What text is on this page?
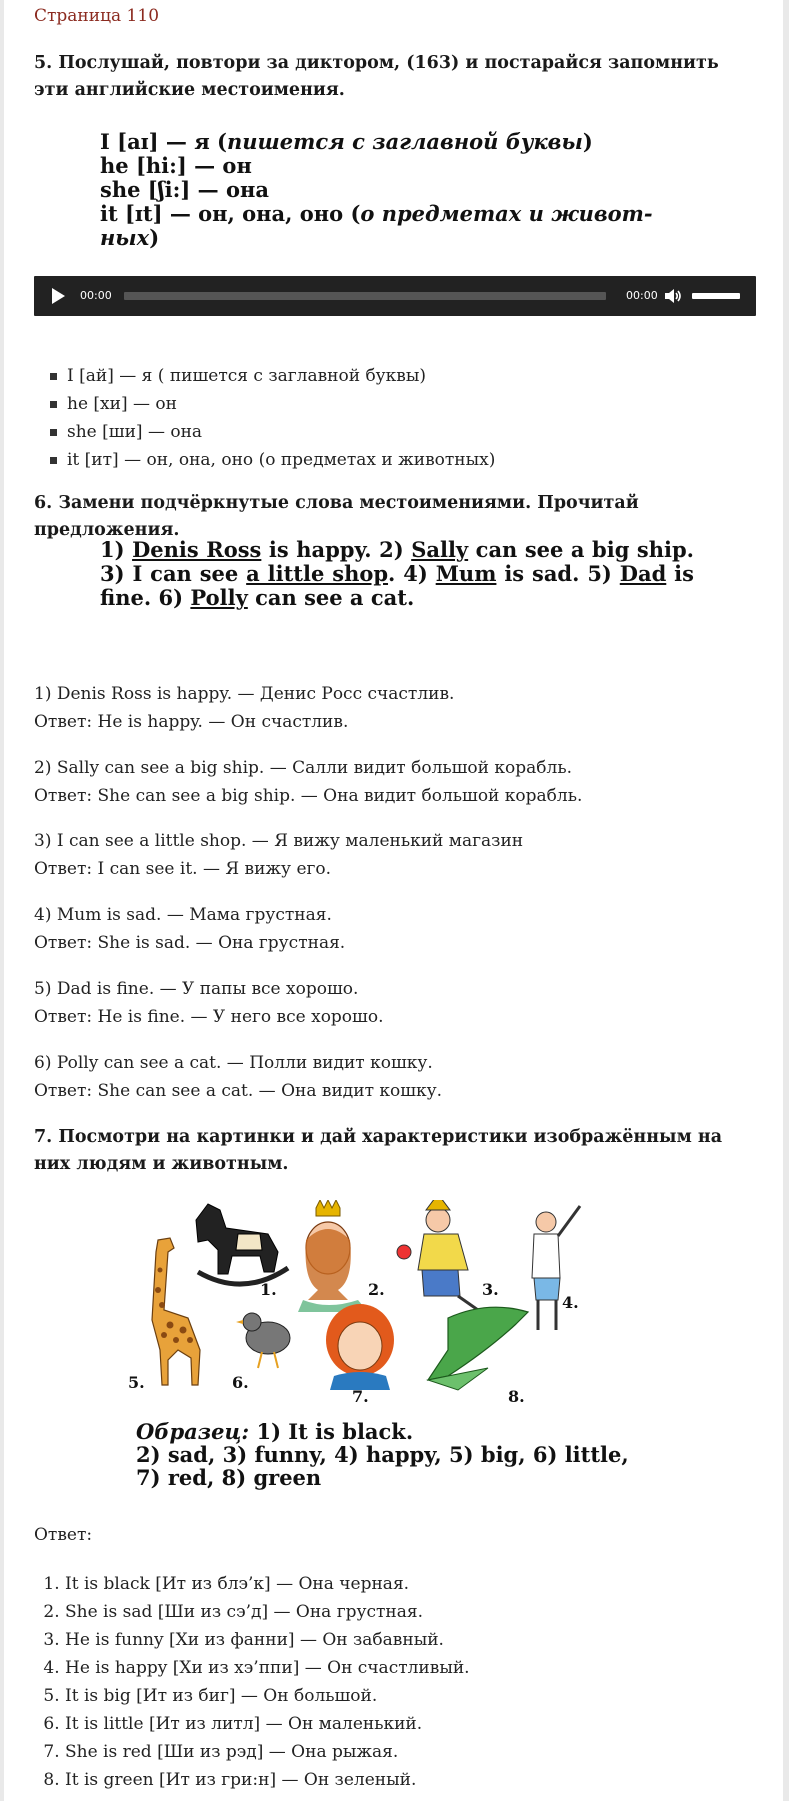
Страница 110
5. Послушай, повтори за диктором, (163) и постарайся запомнить эти английские местоимения.
I [aɪ] — я (пишется с заглавной буквы)
he [hi:] — он
she [ʃi:] — она
it [ɪt] — он, она, оно (о предметах и живот-
ных)
00:00	00:00
I [ай] — я ( пишется с заглавной буквы)
he [хи] — он
she [ши] — она
it [ит] — он, она, оно (о предметах и животных)
6. Замени подчёркнутые слова местоимениями. Прочитай предложения.
1) Denis Ross is happy. 2) Sally can see a big ship. 3) I can see a little shop. 4) Mum is sad. 5) Dad is fine. 6) Polly can see a cat.

1) Denis Ross is happy. — Денис Росс счастлив.

Ответ: He is happy. — Он счастлив.

2) Sally can see a big ship. — Салли видит большой корабль.

Ответ: She can see a big ship. — Она видит большой корабль.

3) I can see a little shop. — Я вижу маленький магазин

Ответ: I can see it. — Я вижу его.

4) Mum is sad. — Мама грустная.

Ответ: She is sad. — Она грустная.

5) Dad is fine. — У папы все хорошо.

Ответ: He is fine. — У него все хорошо.

6) Polly can see a cat. — Полли видит кошку.

Ответ: She can see a cat. — Она видит кошку.

7. Посмотри на картинки и дай характеристики изображённым на них людям и животным.
1.	2.	3.
4.
5.	6.
7.	8.
Образец: 1) It is black.
2) sad, 3) funny, 4) happy, 5) big, 6) little,
7) red, 8) green
Ответ:
1. It is black [Ит из блэ’к] — Она черная.
2. She is sad [Ши из сэ’д] — Она грустная.
3. He is funny [Хи из фанни] — Он забавный.
4. He is happy [Хи из хэ’ппи] — Он счастливый.
5. It is big [Ит из биг] — Он большой.
6. It is little [Ит из литл] — Он маленький.
7. She is red [Ши из рэд] — Она рыжая.
8. It is green [Ит из гри:н] — Он зеленый.
